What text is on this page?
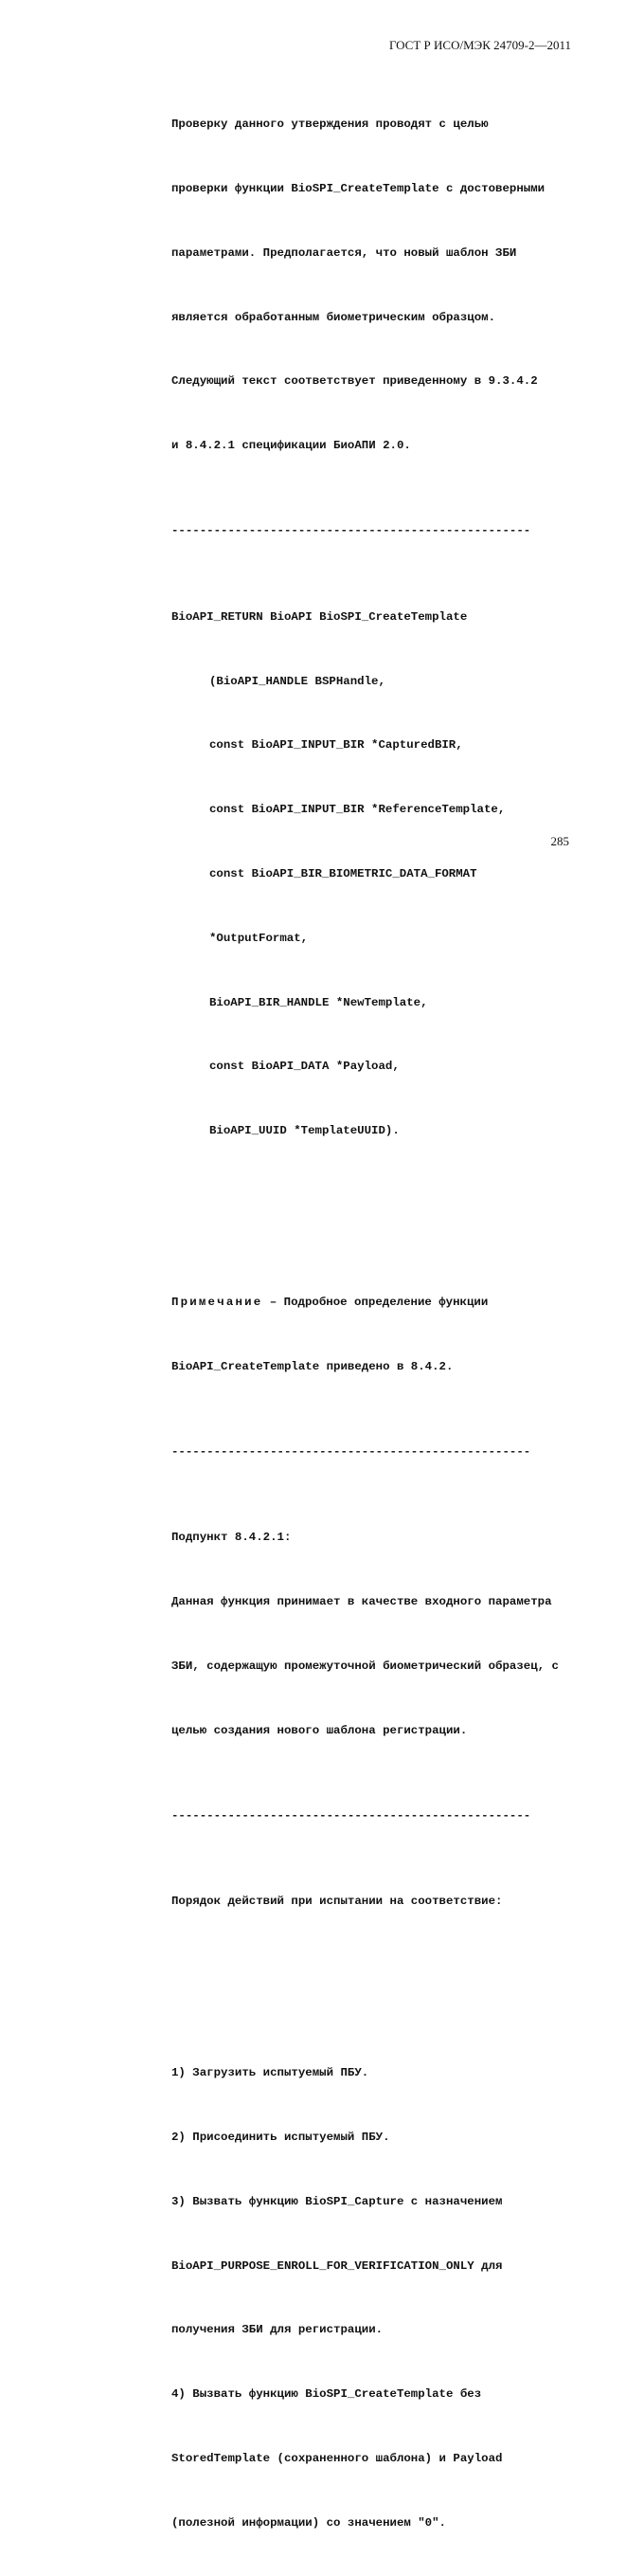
ГОСТ Р ИСО/МЭК 24709-2—2011

Проверку данного утверждения проводят с целью

проверки функции BioSPI_CreateTemplate с достоверными

параметрами. Предполагается, что новый шаблон ЗБИ

является обработанным биометрическим образцом.

Следующий текст соответствует приведенному в 9.3.4.2

и 8.4.2.1 спецификации БиоАПИ 2.0.

---------------------------------------------------

BioAPI_RETURN BioAPI BioSPI_CreateTemplate

(BioAPI_HANDLE BSPHandle,

const BioAPI_INPUT_BIR *CapturedBIR,

const BioAPI_INPUT_BIR *ReferenceTemplate,

const BioAPI_BIR_BIOMETRIC_DATA_FORMAT

*OutputFormat,

BioAPI_BIR_HANDLE *NewTemplate,

const BioAPI_DATA *Payload,

BioAPI_UUID *TemplateUUID).

Примечание – Подробное определение функции

BioAPI_CreateTemplate приведено в 8.4.2.

---------------------------------------------------

Подпункт 8.4.2.1:

Данная функция принимает в качестве входного параметра

ЗБИ, содержащую промежуточной биометрический образец, с

целью создания нового шаблона регистрации.

---------------------------------------------------

Порядок действий при испытании на соответствие:

1) Загрузить испытуемый ПБУ.

2) Присоединить испытуемый ПБУ.

3) Вызвать функцию BioSPI_Capture с назначением

BioAPI_PURPOSE_ENROLL_FOR_VERIFICATION_ONLY для

получения ЗБИ для регистрации.

4) Вызвать функцию BioSPI_CreateTemplate без

StoredTemplate (сохраненного шаблона) и Payload

(полезной информации) со значением "0".

285
